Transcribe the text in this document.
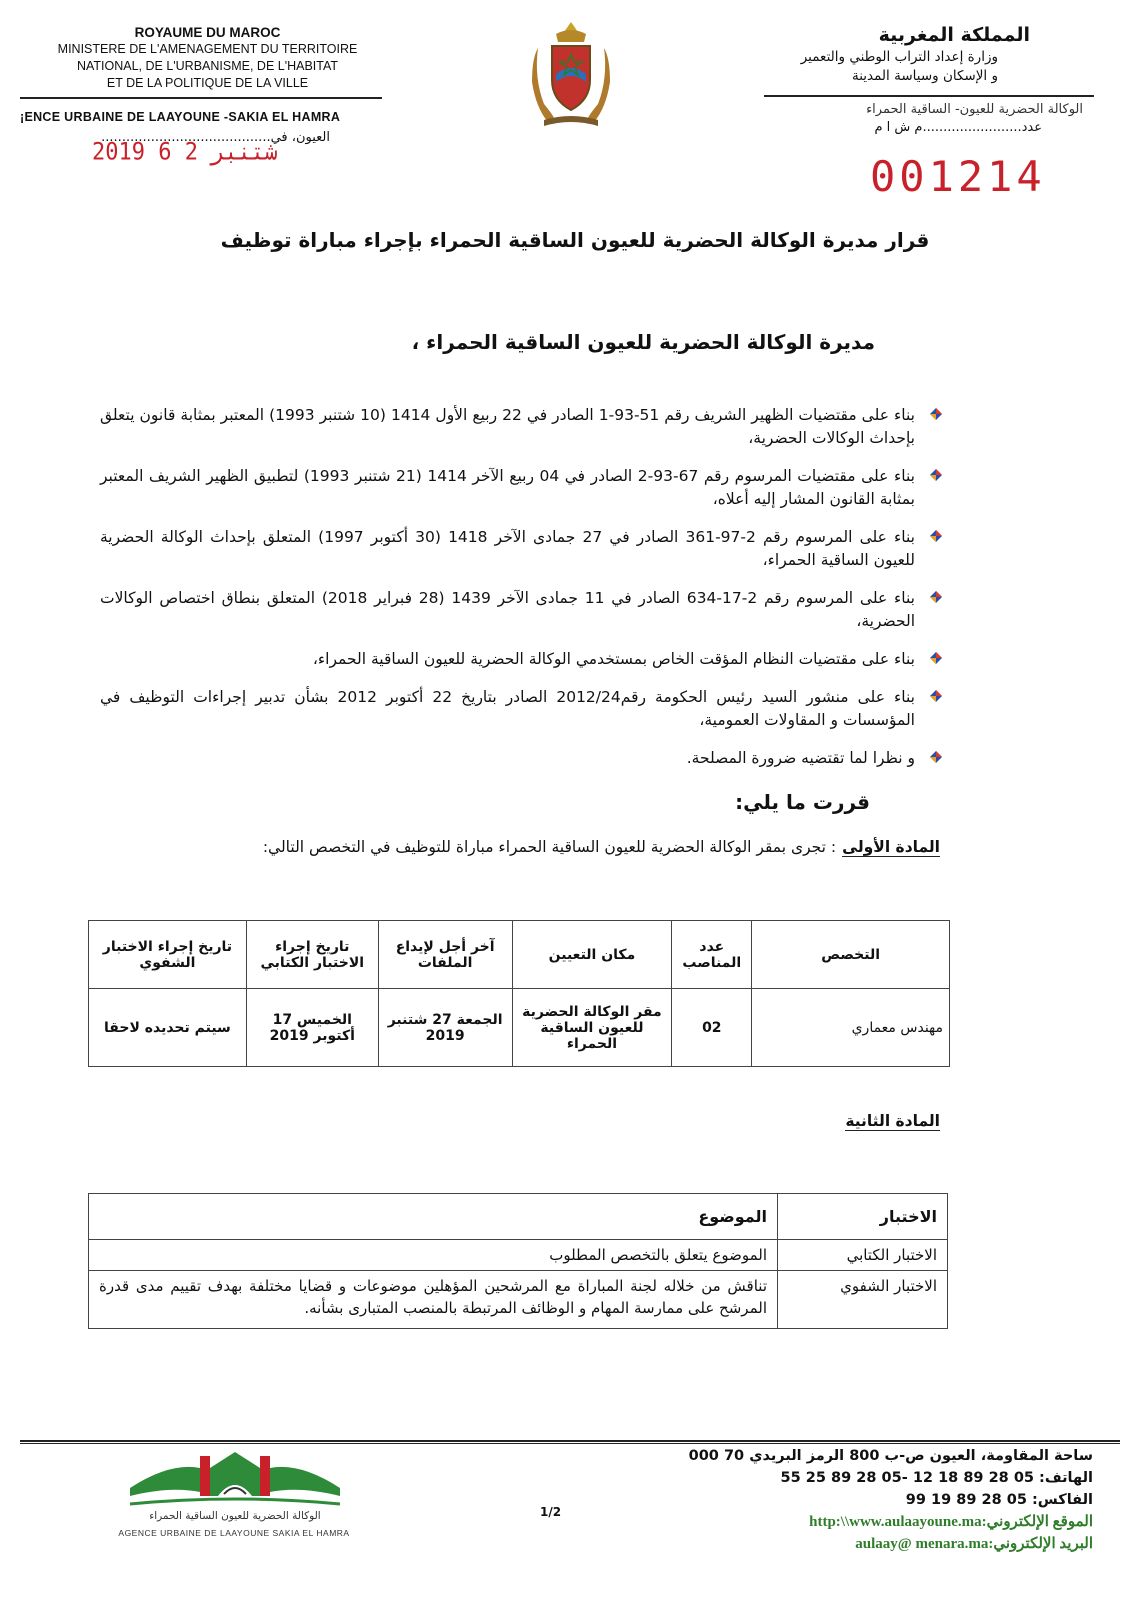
ROYAUME DU MAROC
MINISTERE DE L'AMENAGEMENT DU TERRITOIRE
NATIONAL, DE L'URBANISME, DE L'HABITAT
ET DE LA POLITIQUE DE LA VILLE
¡ENCE URBAINE DE LAAYOUNE -SAKIA EL HAMRA
العيون، في.........................................
2019 شتنبر 2 6
المملكة المغربية
وزارة إعداد التراب الوطني والتعمير
و الإسكان وسياسة المدينة
الوكالة الحضرية للعيون- الساقية الحمراء
عدد........................م ش ا م
001214
قرار مديرة الوكالة الحضرية للعيون الساقية الحمراء بإجراء مباراة توظيف
مديرة الوكالة الحضرية للعيون الساقية الحمراء ،
بناء على مقتضيات الظهير الشريف رقم 51-93-1 الصادر في 22 ربيع الأول 1414 (10 شتنبر 1993) المعتبر بمثابة قانون يتعلق بإحداث الوكالات الحضرية،
بناء على مقتضيات المرسوم رقم 67-93-2 الصادر في 04 ربيع الآخر 1414 (21 شتنبر 1993) لتطبيق الظهير الشريف المعتبر بمثابة القانون المشار إليه أعلاه،
بناء على المرسوم رقم 2-97-361 الصادر في 27 جمادى الآخر 1418 (30 أكتوبر 1997) المتعلق بإحداث الوكالة الحضرية للعيون الساقية الحمراء،
بناء على المرسوم رقم 2-17-634 الصادر في 11 جمادى الآخر 1439 (28 فبراير 2018) المتعلق بنطاق اختصاص الوكالات الحضرية،
بناء على مقتضيات النظام المؤقت الخاص بمستخدمي الوكالة الحضرية للعيون الساقية الحمراء،
بناء على منشور السيد رئيس الحكومة رقم2012/24 الصادر بتاريخ 22 أكتوبر 2012 بشأن تدبير إجراءات التوظيف في المؤسسات و المقاولات العمومية،
و نظرا لما تقتضيه ضرورة المصلحة.
قررت ما يلي:
المادة الأولى: تجرى بمقر الوكالة الحضرية للعيون الساقية الحمراء مباراة للتوظيف في التخصص التالي:
التخصص	عدد المناصب	مكان التعيين	آخر أجل لإيداع الملفات	تاريخ إجراء الاختبار الكتابي	تاريخ إجراء الاختبار الشفوي
مهندس معماري	02	مقر الوكالة الحضرية للعيون الساقية الحمراء	الجمعة 27 شتنبر 2019	الخميس 17 أكتوبر 2019	سيتم تحديده لاحقا
المادة الثانية
الاختبار	الموضوع
الاختبار الكتابي	الموضوع يتعلق بالتخصص المطلوب
الاختبار الشفوي	تناقش من خلاله لجنة المباراة مع المرشحين المؤهلين موضوعات و قضايا مختلفة بهدف تقييم مدى قدرة المرشح على ممارسة المهام و الوظائف المرتبطة بالمنصب المتبارى بشأنه.
الوكالة الحضرية للعيون الساقية الحمراء
AGENCE URBAINE DE LAAYOUNE SAKIA EL HAMRA
1/2
ساحة المقاومة، العيون ص-ب 800 الرمز البريدي 70 000
الهاتف: 05 28 89 18 12 -05 28 89 25 55
الفاكس: 05 28 89 19 99
الموقع الإلكتروني:http:\\www.aulaayoune.ma
البريد الإلكتروني:aulaay@ menara.ma
